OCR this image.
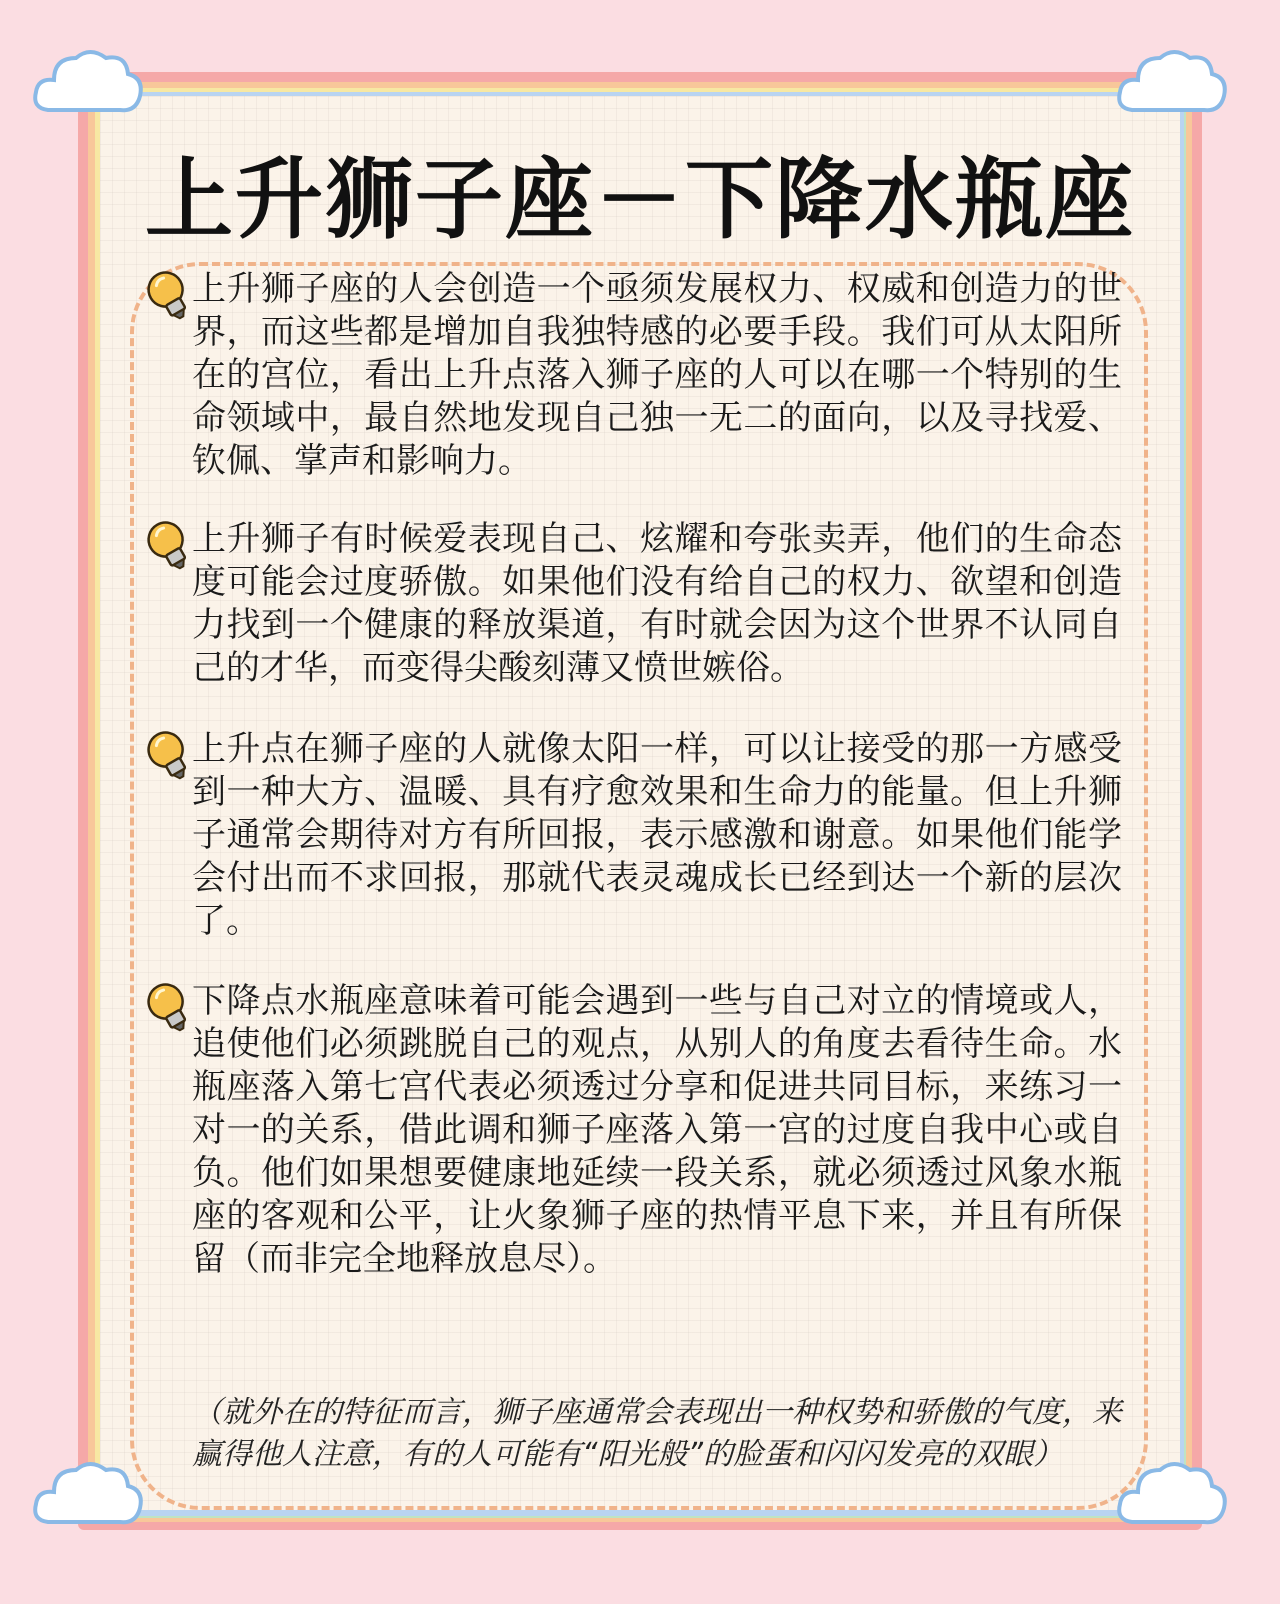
上升狮子座－下降水瓶座

上升狮子座的人会创造一个亟须发展权力、权威和创造力的世界，而这些都是增加自我独特感的必要手段。我们可从太阳所在的宫位，看出上升点落入狮子座的人可以在哪一个特别的生命领域中，最自然地发现自己独一无二的面向，以及寻找爱、钦佩、掌声和影响力。

上升狮子有时候爱表现自己、炫耀和夸张卖弄，他们的生命态度可能会过度骄傲。如果他们没有给自己的权力、欲望和创造力找到一个健康的释放渠道，有时就会因为这个世界不认同自己的才华，而变得尖酸刻薄又愤世嫉俗。

上升点在狮子座的人就像太阳一样，可以让接受的那一方感受到一种大方、温暖、具有疗愈效果和生命力的能量。但上升狮子通常会期待对方有所回报，表示感激和谢意。如果他们能学会付出而不求回报，那就代表灵魂成长已经到达一个新的层次了。

下降点水瓶座意味着可能会遇到一些与自己对立的情境或人，追使他们必须跳脱自己的观点，从别人的角度去看待生命。水瓶座落入第七宫代表必须透过分享和促进共同目标，来练习一对一的关系，借此调和狮子座落入第一宫的过度自我中心或自负。他们如果想要健康地延续一段关系，就必须透过风象水瓶座的客观和公平，让火象狮子座的热情平息下来，并且有所保留（而非完全地释放息尽）。

（就外在的特征而言，狮子座通常会表现出一种权势和骄傲的气度，来赢得他人注意，有的人可能有“阳光般”的脸蛋和闪闪发亮的双眼）
